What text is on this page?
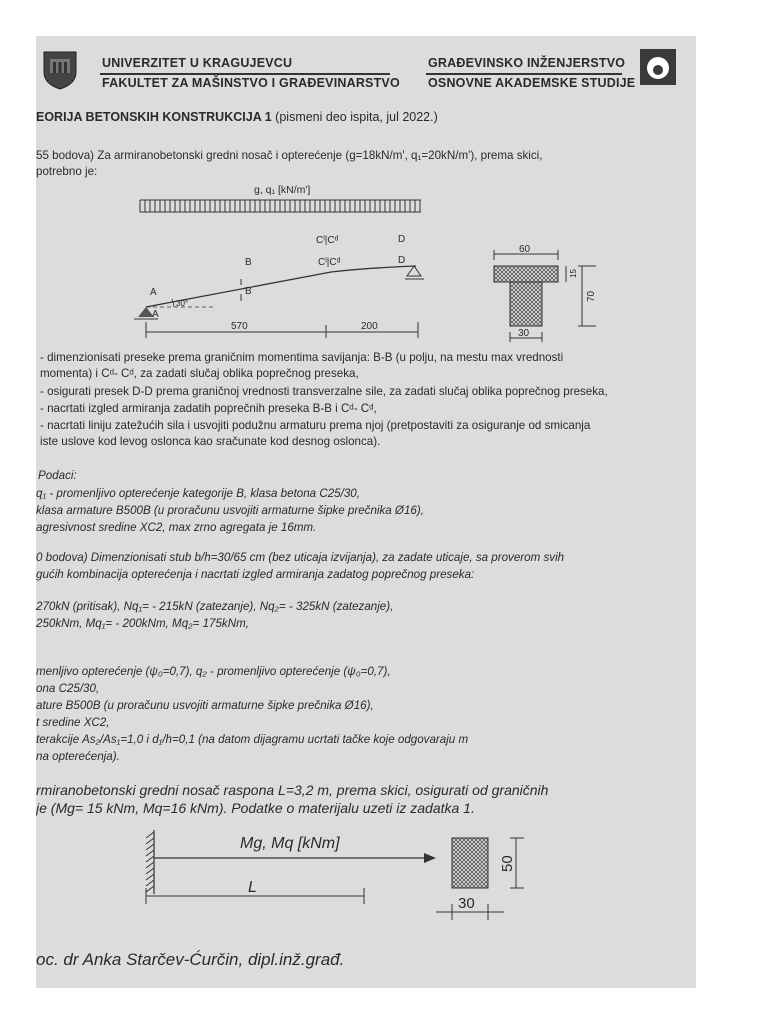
UNIVERZITET U KRAGUJEVCU
FAKULTET ZA MAŠINSTVO I GRAĐEVINARSTVO
GRAĐEVINSKO INŽENJERSTVO
OSNOVNE AKADEMSKE STUDIJE
EORIJA BETONSKIH KONSTRUKCIJA 1 (pismeni deo ispita, jul 2022.)
55 bodova) Za armiranobetonski gredni nosač i opterećenje (g=18kN/m', q₁=20kN/m'), prema skici,
potrebno je:
g, q₁ [kN/m']
30°
A
A
B
B
Cˡ|Cᵈ
Cˡ|Cᵈ
D
D
570	200
60
15
70
30
- dimenzionisati preseke prema graničnim momentima savijanja: B-B (u polju, na mestu max vrednosti
momenta) i Cᵈ- Cᵈ, za zadati slučaj oblika poprečnog preseka,
- osigurati presek D-D prema graničnoj vrednosti transverzalne sile, za zadati slučaj oblika poprečnog preseka,
- nacrtati izgled armiranja zadatih poprečnih preseka B-B i Cᵈ- Cᵈ,
- nacrtati liniju zatežućih sila i usvojiti podužnu armaturu prema njoj (pretpostaviti za osiguranje od smicanja
iste uslove kod levog oslonca kao sračunate kod desnog oslonca).
Podaci:
q₁ - promenljivo opterećenje kategorije B, klasa betona C25/30,
klasa armature B500B (u proračunu usvojiti armaturne šipke prečnika Ø16),
agresivnost sredine XC2, max zrno agregata je 16mm.
0 bodova) Dimenzionisati stub b/h=30/65 cm (bez uticaja izvijanja), za zadate uticaje, sa proverom svih
gućih kombinacija opterećenja i nacrtati izgled armiranja zadatog poprečnog preseka:
270kN (pritisak), Nq₁= - 215kN (zatezanje), Nq₂= - 325kN (zatezanje),
250kNm, Mq₁= - 200kNm, Mq₂= 175kNm,
menljivo opterećenje (ψ₀=0,7), q₂ - promenljivo opterećenje (ψ₀=0,7),
ona C25/30,
ature B500B (u proračunu usvojiti armaturne šipke prečnika Ø16),
t sredine XC2,
terakcije As₂/As₁=1,0 i d₁/h=0,1 (na datom dijagramu ucrtati tačke koje odgovaraju m
na opterećenja).
rmiranobetonski gredni nosač raspona L=3,2 m, prema skici, osigurati od graničnih
je (Mg= 15 kNm, Mq=16 kNm). Podatke o materijalu uzeti iz zadatka 1.
Mg, Mq [kNm]
L
50
30
oc. dr Anka Starčev-Ćurčin, dipl.inž.građ.
